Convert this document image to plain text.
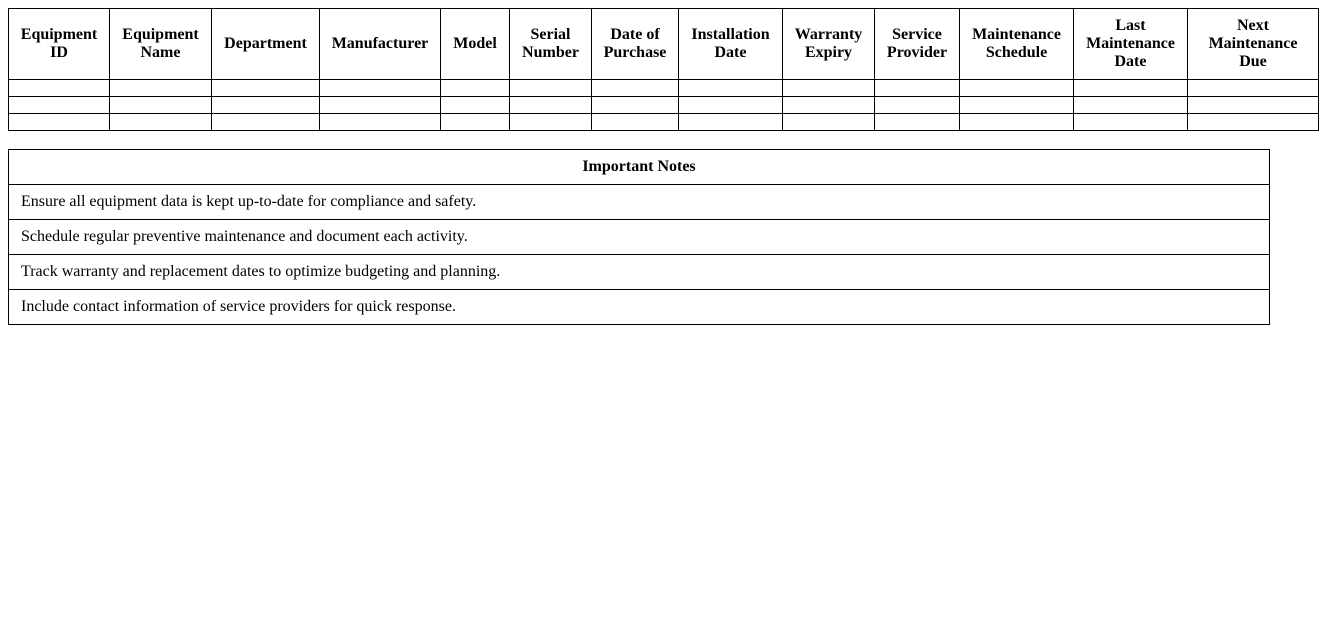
Equipment ID	Equipment Name	Department	Manufacturer	Model	Serial Number	Date of Purchase	Installation Date	Warranty Expiry	Service Provider	Maintenance Schedule	Last Maintenance Date	Next Maintenance Due

Important Notes
Ensure all equipment data is kept up-to-date for compliance and safety.
Schedule regular preventive maintenance and document each activity.
Track warranty and replacement dates to optimize budgeting and planning.
Include contact information of service providers for quick response.
